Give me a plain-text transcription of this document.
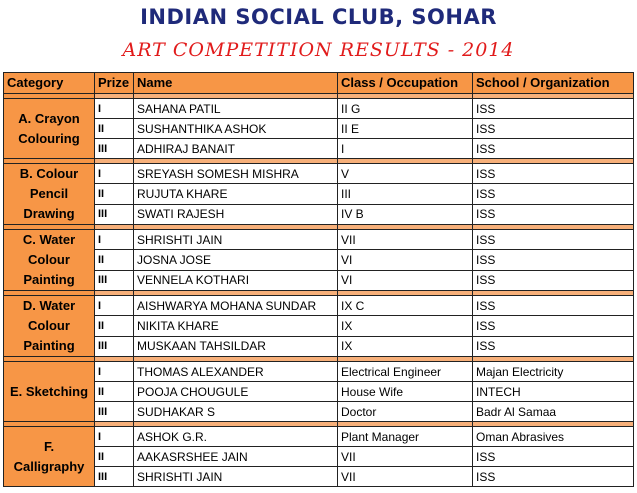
INDIAN SOCIAL CLUB, SOHAR
ART COMPETITION RESULTS - 2014
Category	Prize	Name	Class / Occupation	School / Organization

A. Crayon Colouring	I	SAHANA PATIL	II G	ISS
	II	SUSHANTHIKA ASHOK	II E	ISS
	III	ADHIRAJ BANAIT	I	ISS

B. Colour Pencil Drawing	I	SREYASH SOMESH MISHRA	V	ISS
	II	RUJUTA KHARE	III	ISS
	III	SWATI RAJESH	IV B	ISS

C. Water Colour Painting	I	SHRISHTI JAIN	VII	ISS
	II	JOSNA JOSE	VI	ISS
	III	VENNELA KOTHARI	VI	ISS

D. Water Colour Painting	I	AISHWARYA MOHANA SUNDAR	IX C	ISS
	II	NIKITA KHARE	IX	ISS
	III	MUSKAAN TAHSILDAR	IX	ISS

E. Sketching	I	THOMAS ALEXANDER	Electrical Engineer	Majan Electricity
	II	POOJA CHOUGULE	House Wife	INTECH
	III	SUDHAKAR S	Doctor	Badr Al Samaa

F. Calligraphy	I	ASHOK G.R.	Plant Manager	Oman Abrasives
	II	AAKASRSHEE JAIN	VII	ISS
	III	SHRISHTI JAIN	VII	ISS
